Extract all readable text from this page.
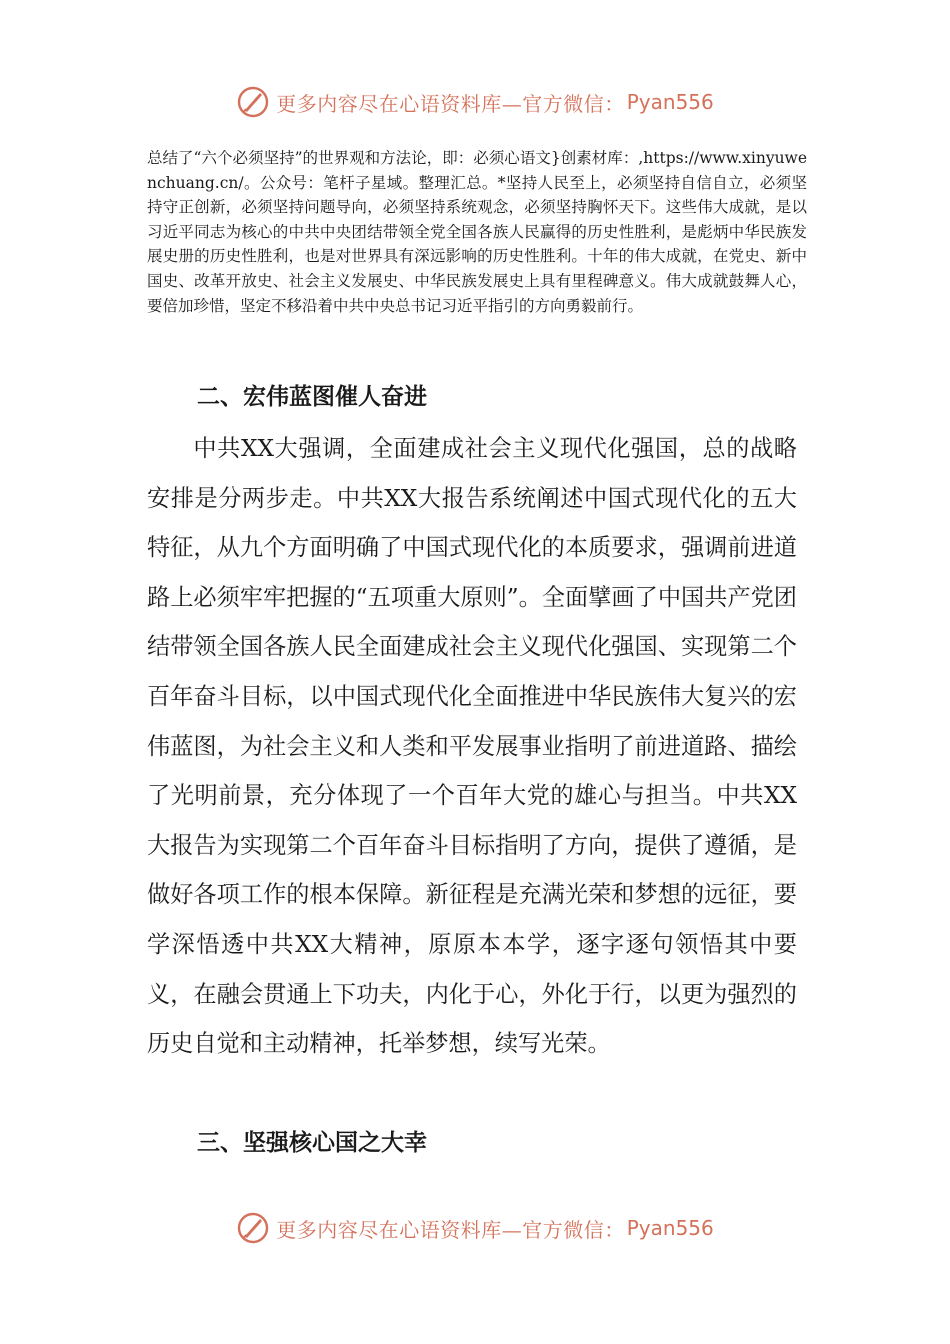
更多内容尽在心语资料库—官方微信： Pyan556

总结了“六个必须坚持”的世界观和方法论，即：必须心语文}创素材库：,https://www.xinyuwenchuang.cn/。公众号：笔杆子星域。整理汇总。*坚持人民至上，必须坚持自信自立，必须坚持守正创新，必须坚持问题导向，必须坚持系统观念，必须坚持胸怀天下。这些伟大成就，是以习近平同志为核心的中共中央团结带领全党全国各族人民赢得的历史性胜利，是彪炳中华民族发展史册的历史性胜利，也是对世界具有深远影响的历史性胜利。十年的伟大成就，在党史、新中国史、改革开放史、社会主义发展史、中华民族发展史上具有里程碑意义。伟大成就鼓舞人心，要倍加珍惜，坚定不移沿着中共中央总书记习近平指引的方向勇毅前行。

二、宏伟蓝图催人奋进

中共XX大强调，全面建成社会主义现代化强国，总的战略安排是分两步走。中共XX大报告系统阐述中国式现代化的五大特征，从九个方面明确了中国式现代化的本质要求，强调前进道路上必须牢牢把握的“五项重大原则”。全面擘画了中国共产党团结带领全国各族人民全面建成社会主义现代化强国、实现第二个百年奋斗目标，以中国式现代化全面推进中华民族伟大复兴的宏伟蓝图，为社会主义和人类和平发展事业指明了前进道路、描绘了光明前景，充分体现了一个百年大党的雄心与担当。中共XX大报告为实现第二个百年奋斗目标指明了方向，提供了遵循，是做好各项工作的根本保障。新征程是充满光荣和梦想的远征，要学深悟透中共XX大精神，原原本本学，逐字逐句领悟其中要义，在融会贯通上下功夫，内化于心，外化于行，以更为强烈的历史自觉和主动精神，托举梦想，续写光荣。

三、坚强核心国之大幸
更多内容尽在心语资料库—官方微信： Pyan556
